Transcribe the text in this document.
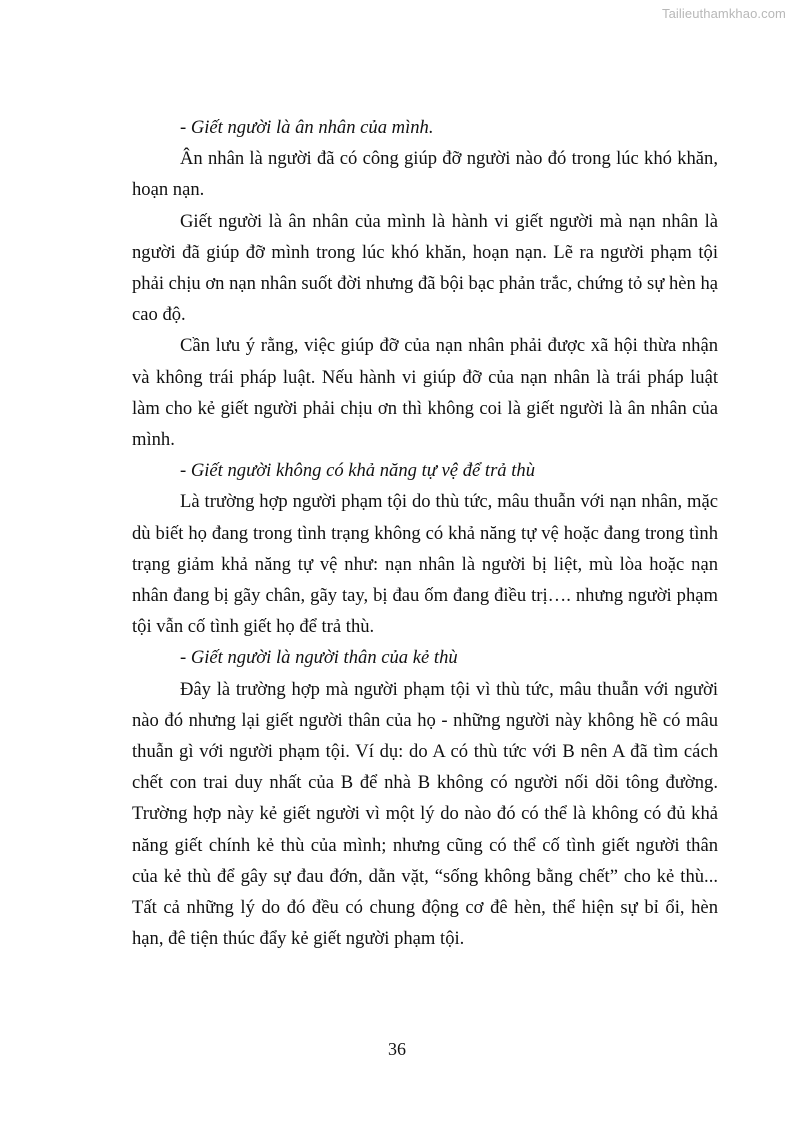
Tailieuthamkhao.com

- Giết người là ân nhân của mình.

Ân nhân là người đã có công giúp đỡ người nào đó trong lúc khó khăn, hoạn nạn.

Giết người là ân nhân của mình là hành vi giết người mà nạn nhân là người đã giúp đỡ mình trong lúc khó khăn, hoạn nạn. Lẽ ra người phạm tội phải chịu ơn nạn nhân suốt đời nhưng đã bội bạc phản trắc, chứng tỏ sự hèn hạ cao độ.

Cần lưu ý rằng, việc giúp đỡ của nạn nhân phải được xã hội thừa nhận và không trái pháp luật. Nếu hành vi giúp đỡ của nạn nhân là trái pháp luật làm cho kẻ giết người phải chịu ơn thì không coi là giết người là ân nhân của mình.

- Giết người không có khả năng tự vệ để trả thù

Là trường hợp người phạm tội do thù tức, mâu thuẫn với nạn nhân, mặc dù biết họ đang trong tình trạng không có khả năng tự vệ hoặc đang trong tình trạng giảm khả năng tự vệ như: nạn nhân là người bị liệt, mù lòa hoặc nạn nhân đang bị gãy chân, gãy tay, bị đau ốm đang điều trị…. nhưng người phạm tội vẫn cố tình giết họ để trả thù.

- Giết người là người thân của kẻ thù

Đây là trường hợp mà người phạm tội vì thù tức, mâu thuẫn với người nào đó nhưng lại giết người thân của họ - những người này không hề có mâu thuẫn gì với người phạm tội. Ví dụ: do A có thù tức với B nên A đã tìm cách chết con trai duy nhất của B để nhà B không có người nối dõi tông đường. Trường hợp này kẻ giết người vì một lý do nào đó có thể là không có đủ khả năng giết chính kẻ thù của mình; nhưng cũng có thể cố tình giết người thân của kẻ thù để gây sự đau đớn, dằn vặt, “sống không bằng chết” cho kẻ thù... Tất cả những lý do đó đều có chung động cơ đê hèn, thể hiện sự bỉ ổi, hèn hạn, đê tiện thúc đẩy kẻ giết người phạm tội.

36
